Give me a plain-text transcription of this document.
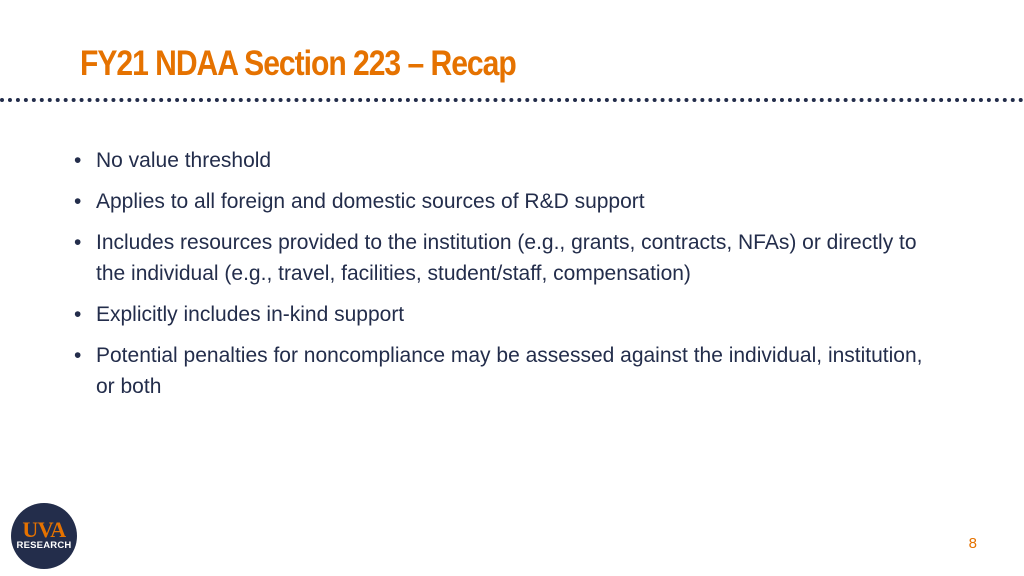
FY21 NDAA Section 223 – Recap
• No value threshold
• Applies to all foreign and domestic sources of R&D support
• Includes resources provided to the institution (e.g., grants, contracts, NFAs) or directly to the individual (e.g., travel, facilities, student/staff, compensation)
• Explicitly includes in-kind support
• Potential penalties for noncompliance may be assessed against the individual, institution, or both
UVA
RESEARCH	8
